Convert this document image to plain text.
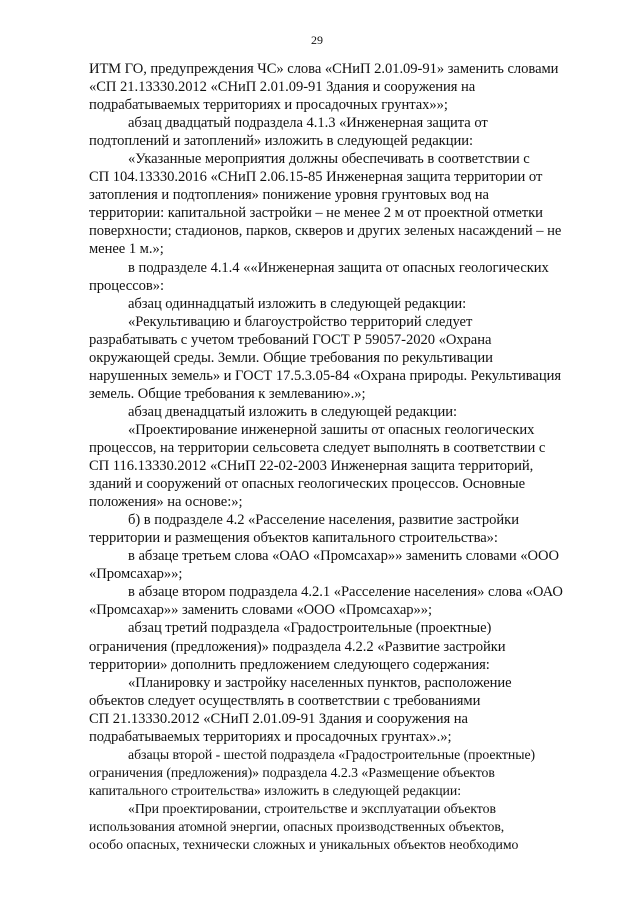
29

ИТМ ГО, предупреждения ЧС» слова «СНиП 2.01.09-91» заменить словами
«СП 21.13330.2012 «СНиП 2.01.09-91 Здания и сооружения на
подрабатываемых территориях и просадочных грунтах»»;

абзац двадцатый подраздела 4.1.3 «Инженерная защита от
подтоплений и затоплений» изложить в следующей редакции:

«Указанные мероприятия должны обеспечивать в соответствии с
СП 104.13330.2016 «СНиП 2.06.15-85 Инженерная защита территории от
затопления и подтопления» понижение уровня грунтовых вод на
территории: капитальной застройки – не менее 2 м от проектной отметки
поверхности; стадионов, парков, скверов и других зеленых насаждений – не
менее 1 м.»;

в подразделе 4.1.4 ««Инженерная защита от опасных геологических
процессов»:

абзац одиннадцатый изложить в следующей редакции:

«Рекультивацию и благоустройство территорий следует
разрабатывать с учетом требований ГОСТ Р 59057-2020 «Охрана
окружающей среды. Земли. Общие требования по рекультивации
нарушенных земель» и ГОСТ 17.5.3.05-84 «Охрана природы. Рекультивация
земель. Общие требования к землеванию».»;

абзац двенадцатый изложить в следующей редакции:

«Проектирование инженерной зашиты от опасных геологических
процессов, на территории сельсовета следует выполнять в соответствии с
СП 116.13330.2012 «СНиП 22-02-2003 Инженерная защита территорий,
зданий и сооружений от опасных геологических процессов. Основные
положения» на основе:»;

б) в подразделе 4.2 «Расселение населения, развитие застройки
территории и размещения объектов капитального строительства»:

в абзаце третьем слова «ОАО «Промсахар»» заменить словами «ООО
«Промсахар»»;

в абзаце втором подраздела 4.2.1 «Расселение населения» слова «ОАО
«Промсахар»» заменить словами «ООО «Промсахар»»;

абзац третий подраздела «Градостроительные (проектные)
ограничения (предложения)» подраздела 4.2.2 «Развитие застройки
территории» дополнить предложением следующего содержания:

«Планировку и застройку населенных пунктов, расположение
объектов следует осуществлять в соответствии с требованиями
СП 21.13330.2012 «СНиП 2.01.09-91 Здания и сооружения на
подрабатываемых территориях и просадочных грунтах».»;

абзацы второй - шестой подраздела «Градостроительные (проектные)
ограничения (предложения)» подраздела 4.2.3 «Размещение объектов
капитального строительства» изложить в следующей редакции:

«При проектировании, строительстве и эксплуатации объектов
использования атомной энергии, опасных производственных объектов,
особо опасных, технически сложных и уникальных объектов необходимо
